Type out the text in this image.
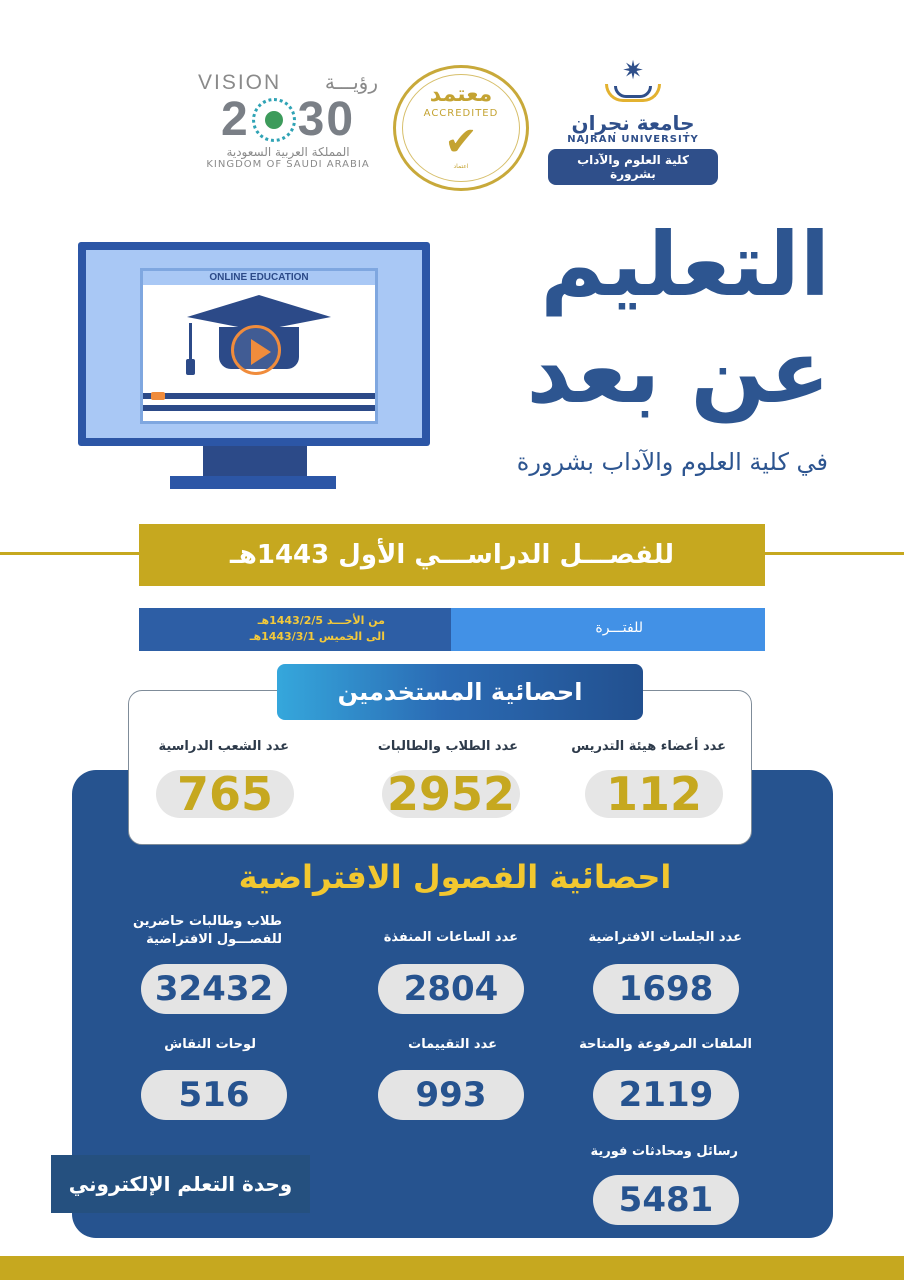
VISION رؤيـــة
2 30
المملكة العربية السعودية
KINGDOM OF SAUDI ARABIA
معتمد
ACCREDITED
✔
اعتماد
✷
جامعة نجران
NAJRAN UNIVERSITY
كلية العلوم والآداب بشرورة
ONLINE EDUCATION	التعليم
عن بعد
في كلية العلوم والآداب بشرورة
للفصـــل الدراســـي الأول 1443هـ
من الأحـــد 1443/2/5هـ
الى الخميس 1443/3/1هـ
للفتـــرة
احصائية المستخدمين
عدد أعضاء هيئة التدريس
112
عدد الطلاب والطالبات
2952
عدد الشعب الدراسية
765
احصائية الفصول الافتراضية
عدد الجلسات الافتراضية
1698
عدد الساعات المنفذة
2804
طلاب وطالبات حاضرين
للفصـــول الافتراضية
32432
الملفات المرفوعة والمتاحة
2119
عدد التقييمات
993
لوحات النقاش
516
رسائل ومحادثات فورية
5481
وحدة التعلم الإلكتروني
